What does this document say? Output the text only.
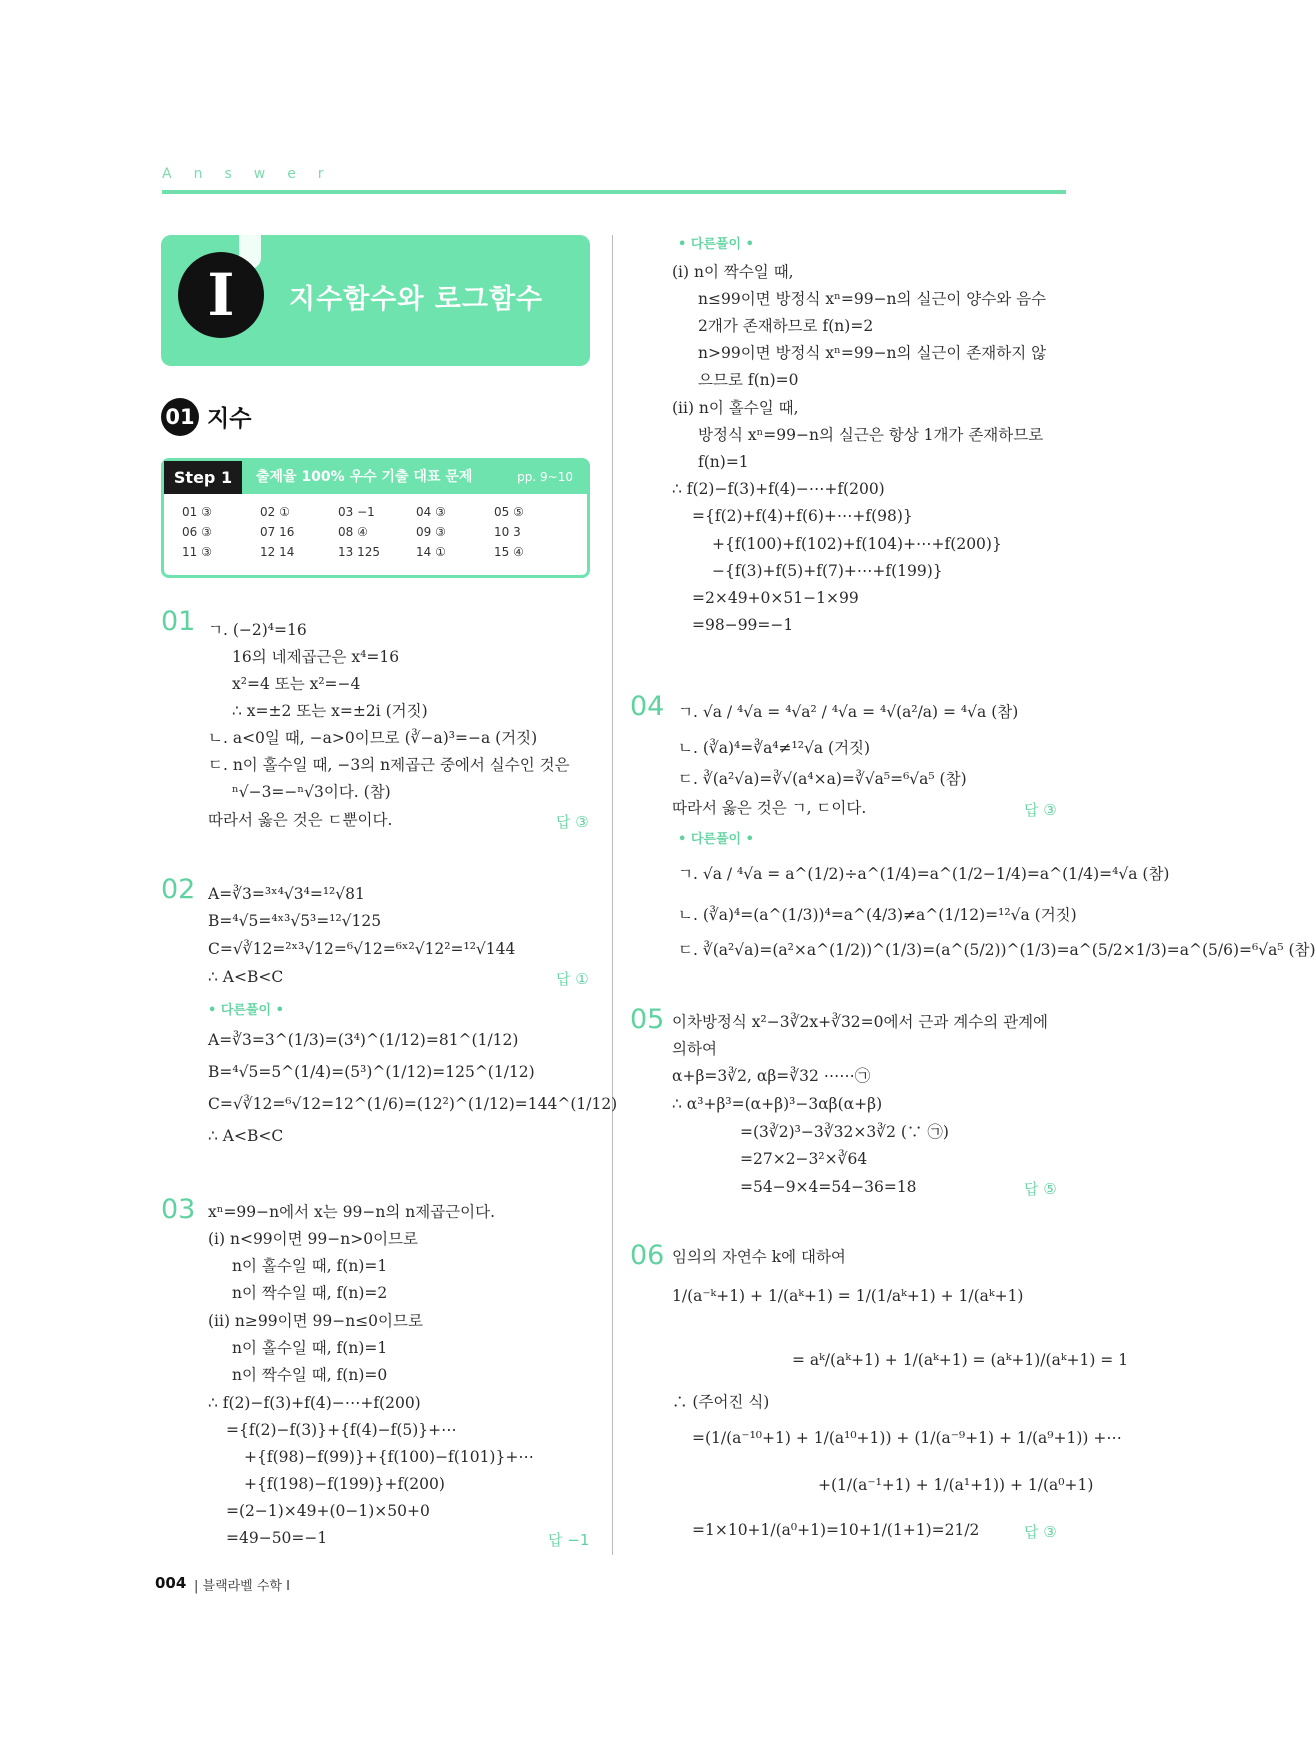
Answer
I	지수함수와 로그함수
01 지수
Step 1	출제율 100% 우수 기출 대표 문제	pp. 9~10
01 ③	02 ①	03 −1	04 ③	05 ⑤
06 ③	07 16	08 ④	09 ③	10 3
11 ③	12 14	13 125	14 ①	15 ④
01 ㄱ. (−2)⁴=16
16의 네제곱근은 x⁴=16
x²=4 또는 x²=−4
∴ x=±2 또는 x=±2i (거짓)
ㄴ. a<0일 때, −a>0이므로 (∛−a)³=−a (거짓)
ㄷ. n이 홀수일 때, −3의 n제곱근 중에서 실수인 것은
ⁿ√−3=−ⁿ√3이다. (참)
따라서 옳은 것은 ㄷ뿐이다.	답 ③
02 A=∛3=³ˣ⁴√3⁴=¹²√81
B=⁴√5=⁴ˣ³√5³=¹²√125
C=√∛12=²ˣ³√12=⁶√12=⁶ˣ²√12²=¹²√144
∴ A<B<C	답 ①
• 다른풀이 •
A=∛3=3^(1/3)=(3⁴)^(1/12)=81^(1/12)
B=⁴√5=5^(1/4)=(5³)^(1/12)=125^(1/12)
C=√∛12=⁶√12=12^(1/6)=(12²)^(1/12)=144^(1/12)
∴ A<B<C
03 xⁿ=99−n에서 x는 99−n의 n제곱근이다.
(i) n<99이면 99−n>0이므로
n이 홀수일 때, f(n)=1
n이 짝수일 때, f(n)=2
(ii) n≥99이면 99−n≤0이므로
n이 홀수일 때, f(n)=1
n이 짝수일 때, f(n)=0
∴ f(2)−f(3)+f(4)−⋯+f(200)
={f(2)−f(3)}+{f(4)−f(5)}+⋯
+{f(98)−f(99)}+{f(100)−f(101)}+⋯
+{f(198)−f(199)}+f(200)
=(2−1)×49+(0−1)×50+0
=49−50=−1	답 −1
• 다른풀이 •
(i) n이 짝수일 때,
n≤99이면 방정식 xⁿ=99−n의 실근이 양수와 음수
2개가 존재하므로 f(n)=2
n>99이면 방정식 xⁿ=99−n의 실근이 존재하지 않
으므로 f(n)=0
(ii) n이 홀수일 때,
방정식 xⁿ=99−n의 실근은 항상 1개가 존재하므로
f(n)=1
∴ f(2)−f(3)+f(4)−⋯+f(200)
={f(2)+f(4)+f(6)+⋯+f(98)}
+{f(100)+f(102)+f(104)+⋯+f(200)}
−{f(3)+f(5)+f(7)+⋯+f(199)}
=2×49+0×51−1×99
=98−99=−1
04 ㄱ. √a / ⁴√a = ⁴√a² / ⁴√a = ⁴√(a²/a) = ⁴√a (참)
ㄴ. (∛a)⁴=∛a⁴≠¹²√a (거짓)
ㄷ. ∛(a²√a)=∛√(a⁴×a)=∛√a⁵=⁶√a⁵ (참)
따라서 옳은 것은 ㄱ, ㄷ이다.	답 ③
• 다른풀이 •
ㄱ. √a / ⁴√a = a^(1/2)÷a^(1/4)=a^(1/2−1/4)=a^(1/4)=⁴√a (참)
ㄴ. (∛a)⁴=(a^(1/3))⁴=a^(4/3)≠a^(1/12)=¹²√a (거짓)
ㄷ. ∛(a²√a)=(a²×a^(1/2))^(1/3)=(a^(5/2))^(1/3)=a^(5/2×1/3)=a^(5/6)=⁶√a⁵ (참)
05 이차방정식 x²−3∛2x+∛32=0에서 근과 계수의 관계에
의하여
α+β=3∛2, αβ=∛32 ⋯⋯㉠
∴ α³+β³=(α+β)³−3αβ(α+β)
=(3∛2)³−3∛32×3∛2 (∵ ㉠)
=27×2−3²×∛64
=54−9×4=54−36=18	답 ⑤
06 임의의 자연수 k에 대하여
1/(a⁻ᵏ+1) + 1/(aᵏ+1) = 1/(1/aᵏ+1) + 1/(aᵏ+1)
= aᵏ/(aᵏ+1) + 1/(aᵏ+1) = (aᵏ+1)/(aᵏ+1) = 1
∴ (주어진 식)
=(1/(a⁻¹⁰+1) + 1/(a¹⁰+1)) + (1/(a⁻⁹+1) + 1/(a⁹+1)) +⋯
+(1/(a⁻¹+1) + 1/(a¹+1)) + 1/(a⁰+1)
=1×10+1/(a⁰+1)=10+1/(1+1)=21/2	답 ③
004 | 블랙라벨 수학 I
